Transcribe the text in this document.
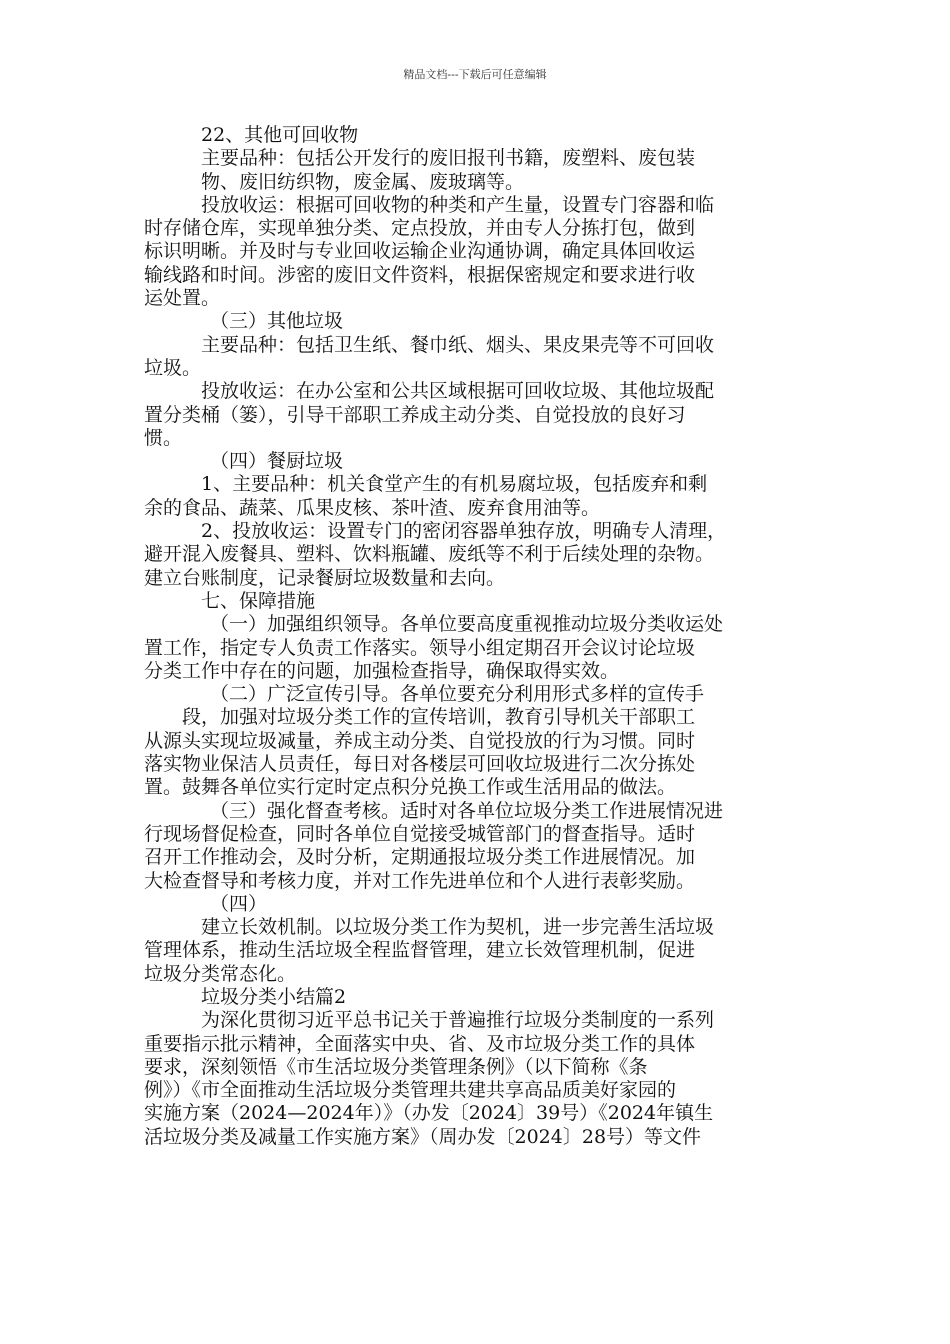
精品文档---下载后可任意编辑
22、其他可回收物
主要品种：包括公开发行的废旧报刊书籍，废塑料、废包装
物、废旧纺织物，废金属、废玻璃等。
投放收运：根据可回收物的种类和产生量，设置专门容器和临
时存储仓库，实现单独分类、定点投放，并由专人分拣打包，做到
标识明晰。并及时与专业回收运输企业沟通协调，确定具体回收运
输线路和时间。涉密的废旧文件资料，根据保密规定和要求进行收
运处置。
（三）其他垃圾
主要品种：包括卫生纸、餐巾纸、烟头、果皮果壳等不可回收
垃圾。
投放收运：在办公室和公共区域根据可回收垃圾、其他垃圾配
置分类桶（篓），引导干部职工养成主动分类、自觉投放的良好习
惯。
（四）餐厨垃圾
1、主要品种：机关食堂产生的有机易腐垃圾，包括废弃和剩
余的食品、蔬菜、瓜果皮核、茶叶渣、废弃食用油等。
2、投放收运：设置专门的密闭容器单独存放，明确专人清理，
避开混入废餐具、塑料、饮料瓶罐、废纸等不利于后续处理的杂物。
建立台账制度，记录餐厨垃圾数量和去向。
七、保障措施
（一）加强组织领导。各单位要高度重视推动垃圾分类收运处
置工作，指定专人负责工作落实。领导小组定期召开会议讨论垃圾
分类工作中存在的问题，加强检查指导，确保取得实效。
（二）广泛宣传引导。各单位要充分利用形式多样的宣传手
段，加强对垃圾分类工作的宣传培训，教育引导机关干部职工
从源头实现垃圾减量，养成主动分类、自觉投放的行为习惯。同时
落实物业保洁人员责任，每日对各楼层可回收垃圾进行二次分拣处
置。鼓舞各单位实行定时定点积分兑换工作或生活用品的做法。
（三）强化督查考核。适时对各单位垃圾分类工作进展情况进
行现场督促检查，同时各单位自觉接受城管部门的督查指导。适时
召开工作推动会，及时分析，定期通报垃圾分类工作进展情况。加
大检查督导和考核力度，并对工作先进单位和个人进行表彰奖励。
（四）
建立长效机制。以垃圾分类工作为契机，进一步完善生活垃圾
管理体系，推动生活垃圾全程监督管理，建立长效管理机制，促进
垃圾分类常态化。
垃圾分类小结篇2
为深化贯彻习近平总书记关于普遍推行垃圾分类制度的一系列
重要指示批示精神，全面落实中央、省、及市垃圾分类工作的具体
要求，深刻领悟《市生活垃圾分类管理条例》（以下简称《条
例》）《市全面推动生活垃圾分类管理共建共享高品质美好家园的
实施方案（2024—2024年）》（办发〔2024〕39号）《2024年镇生
活垃圾分类及减量工作实施方案》（周办发〔2024〕28号）等文件
